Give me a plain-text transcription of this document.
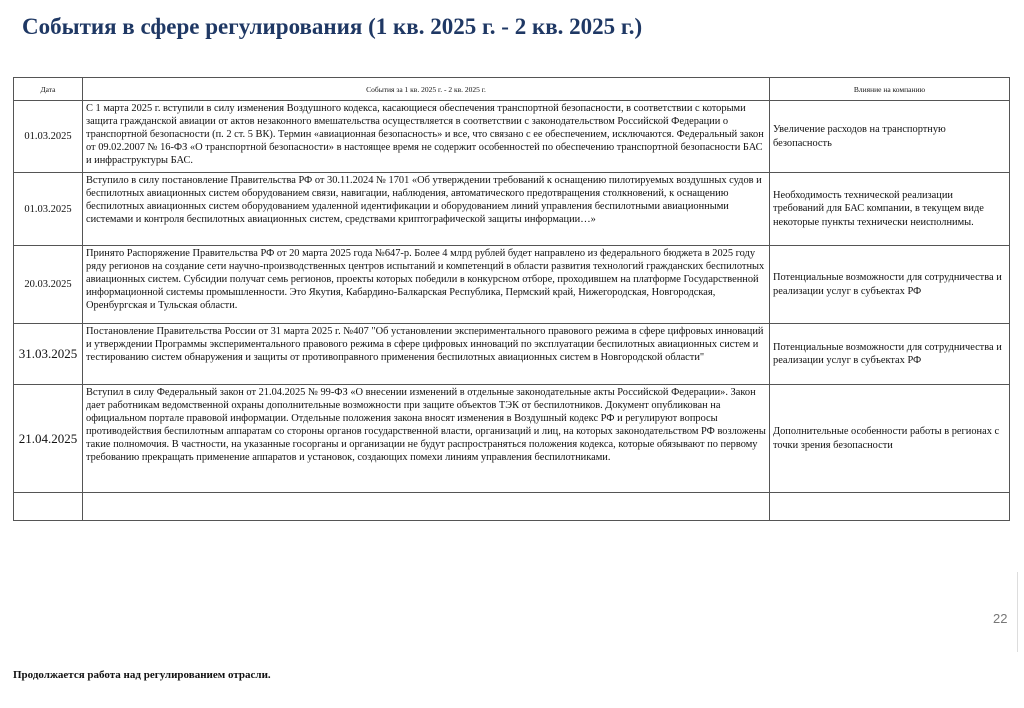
События в сфере регулирования (1 кв. 2025 г. - 2 кв. 2025 г.)
Дата	События за 1 кв. 2025 г. - 2 кв. 2025 г.	Влияние на компанию
01.03.2025	С 1 марта 2025 г. вступили в силу изменения Воздушного кодекса, касающиеся обеспечения транспортной безопасности, в соответствии с которыми защита гражданской авиации от актов незаконного вмешательства осуществляется в соответствии с законодательством Российской Федерации о транспортной безопасности (п. 2 ст. 5 ВК). Термин «авиационная безопасность» и все, что связано с ее обеспечением, исключаются. Федеральный закон от 09.02.2007 № 16-ФЗ «О транспортной безопасности» в настоящее время не содержит особенностей по обеспечению транспортной безопасности БАС и инфраструктуры БАС.	Увеличение расходов на транспортную безопасность
01.03.2025	Вступило в силу постановление Правительства РФ от 30.11.2024 № 1701 «Об утверждении требований к оснащению пилотируемых воздушных судов и беспилотных авиационных систем оборудованием связи, навигации, наблюдения, автоматического предотвращения столкновений, к оснащению беспилотных авиационных систем оборудованием удаленной идентификации и оборудованием линий управления беспилотными авиационными системами и контроля беспилотных авиационных систем, средствами криптографической защиты информации…»	Необходимость технической реализации требований для БАС компании, в текущем виде некоторые пункты технически неисполнимы.
20.03.2025	Принято Распоряжение Правительства РФ от 20 марта 2025 года №647-р. Более 4 млрд рублей будет направлено из федерального бюджета в 2025 году ряду регионов на создание сети научно-производственных центров испытаний и компетенций в области развития технологий гражданских беспилотных авиационных систем. Субсидии получат семь регионов, проекты которых победили в конкурсном отборе, проходившем на платформе Государственной информационной системы промышленности. Это Якутия, Кабардино-Балкарская Республика, Пермский край, Нижегородская, Новгородская, Оренбургская и Тульская области.	Потенциальные возможности для сотрудничества и реализации услуг в субъектах РФ
31.03.2025	Постановление Правительства России от 31 марта 2025 г. №407 "Об установлении экспериментального правового режима в сфере цифровых инноваций и утверждении Программы экспериментального правового режима в сфере цифровых инноваций по эксплуатации беспилотных авиационных систем и тестированию систем обнаружения и защиты от противоправного применения беспилотных авиационных систем в Новгородской области"	Потенциальные возможности для сотрудничества и реализации услуг в субъектах РФ
21.04.2025	Вступил в силу Федеральный закон от 21.04.2025 № 99-ФЗ «О внесении изменений в отдельные законодательные акты Российской Федерации». Закон дает работникам ведомственной охраны дополнительные возможности при защите объектов ТЭК от беспилотников. Документ опубликован на официальном портале правовой информации. Отдельные положения закона вносят изменения в Воздушный кодекс РФ и регулируют вопросы противодействия беспилотным аппаратам со стороны органов государственной власти, организаций и лиц, на которых законодательством РФ возложены такие полномочия. В частности, на указанные госорганы и организации не будут распространяться положения кодекса, которые обязывают по первому требованию прекращать применение аппаратов и установок, создающих помехи линиям управления беспилотниками.	Дополнительные особенности работы в регионах с точки зрения безопасности

22
Продолжается работа над регулированием отрасли.
